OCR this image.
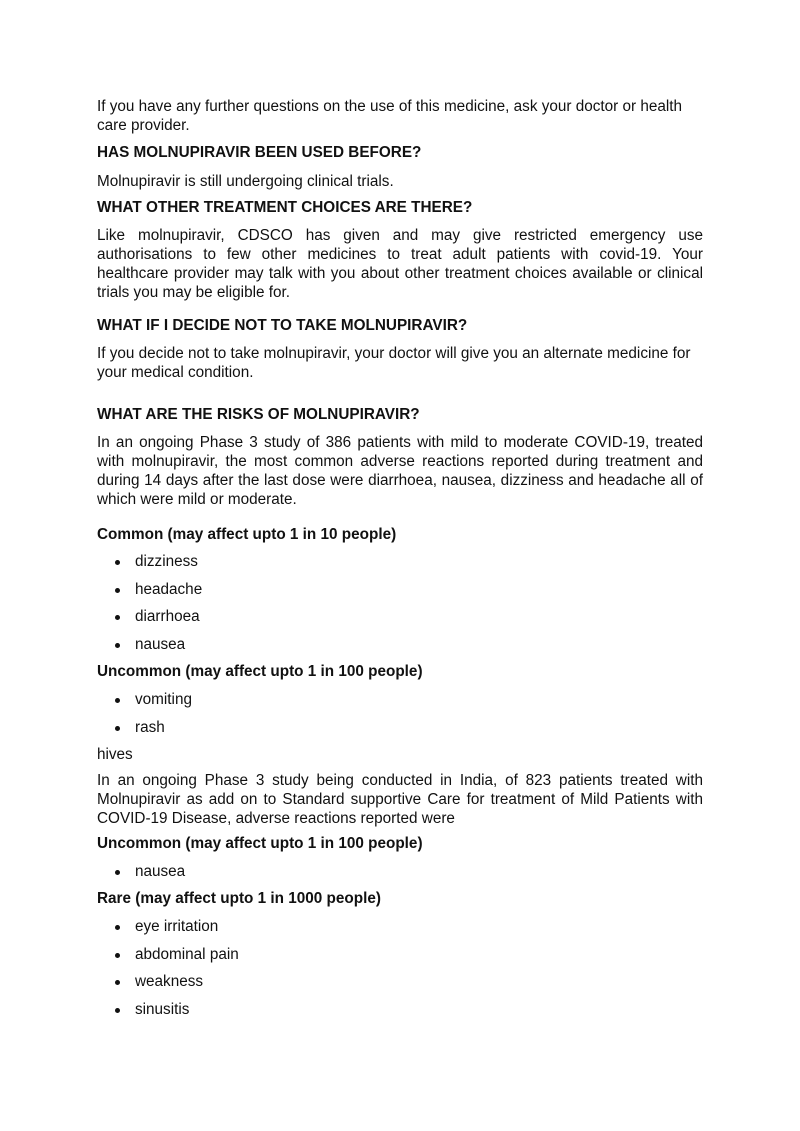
If you have any further questions on the use of this medicine, ask your doctor or health care provider.

HAS MOLNUPIRAVIR BEEN USED BEFORE?

Molnupiravir is still undergoing clinical trials.

WHAT OTHER TREATMENT CHOICES ARE THERE?

Like molnupiravir, CDSCO has given and may give restricted emergency use authorisations to few other medicines to treat adult patients with covid-19. Your healthcare provider may talk with you about other treatment choices available or clinical trials you may be eligible for.

WHAT IF I DECIDE NOT TO TAKE MOLNUPIRAVIR?

If you decide not to take molnupiravir, your doctor will give you an alternate medicine for your medical condition.

WHAT ARE THE RISKS OF MOLNUPIRAVIR?

In an ongoing Phase 3 study of 386 patients with mild to moderate COVID-19, treated with molnupiravir, the most common adverse reactions reported during treatment and during 14 days after the last dose were diarrhoea, nausea, dizziness and headache all of which were mild or moderate.

Common (may affect upto 1 in 10 people)
dizziness
headache
diarrhoea
nausea
Uncommon (may affect upto 1 in 100 people)
vomiting
rash

hives

In an ongoing Phase 3 study being conducted in India, of 823 patients treated with Molnupiravir as add on to Standard supportive Care for treatment of Mild Patients with COVID-19 Disease, adverse reactions reported were

Uncommon (may affect upto 1 in 100 people)
nausea
Rare (may affect upto 1 in 1000 people)
eye irritation
abdominal pain
weakness
sinusitis
